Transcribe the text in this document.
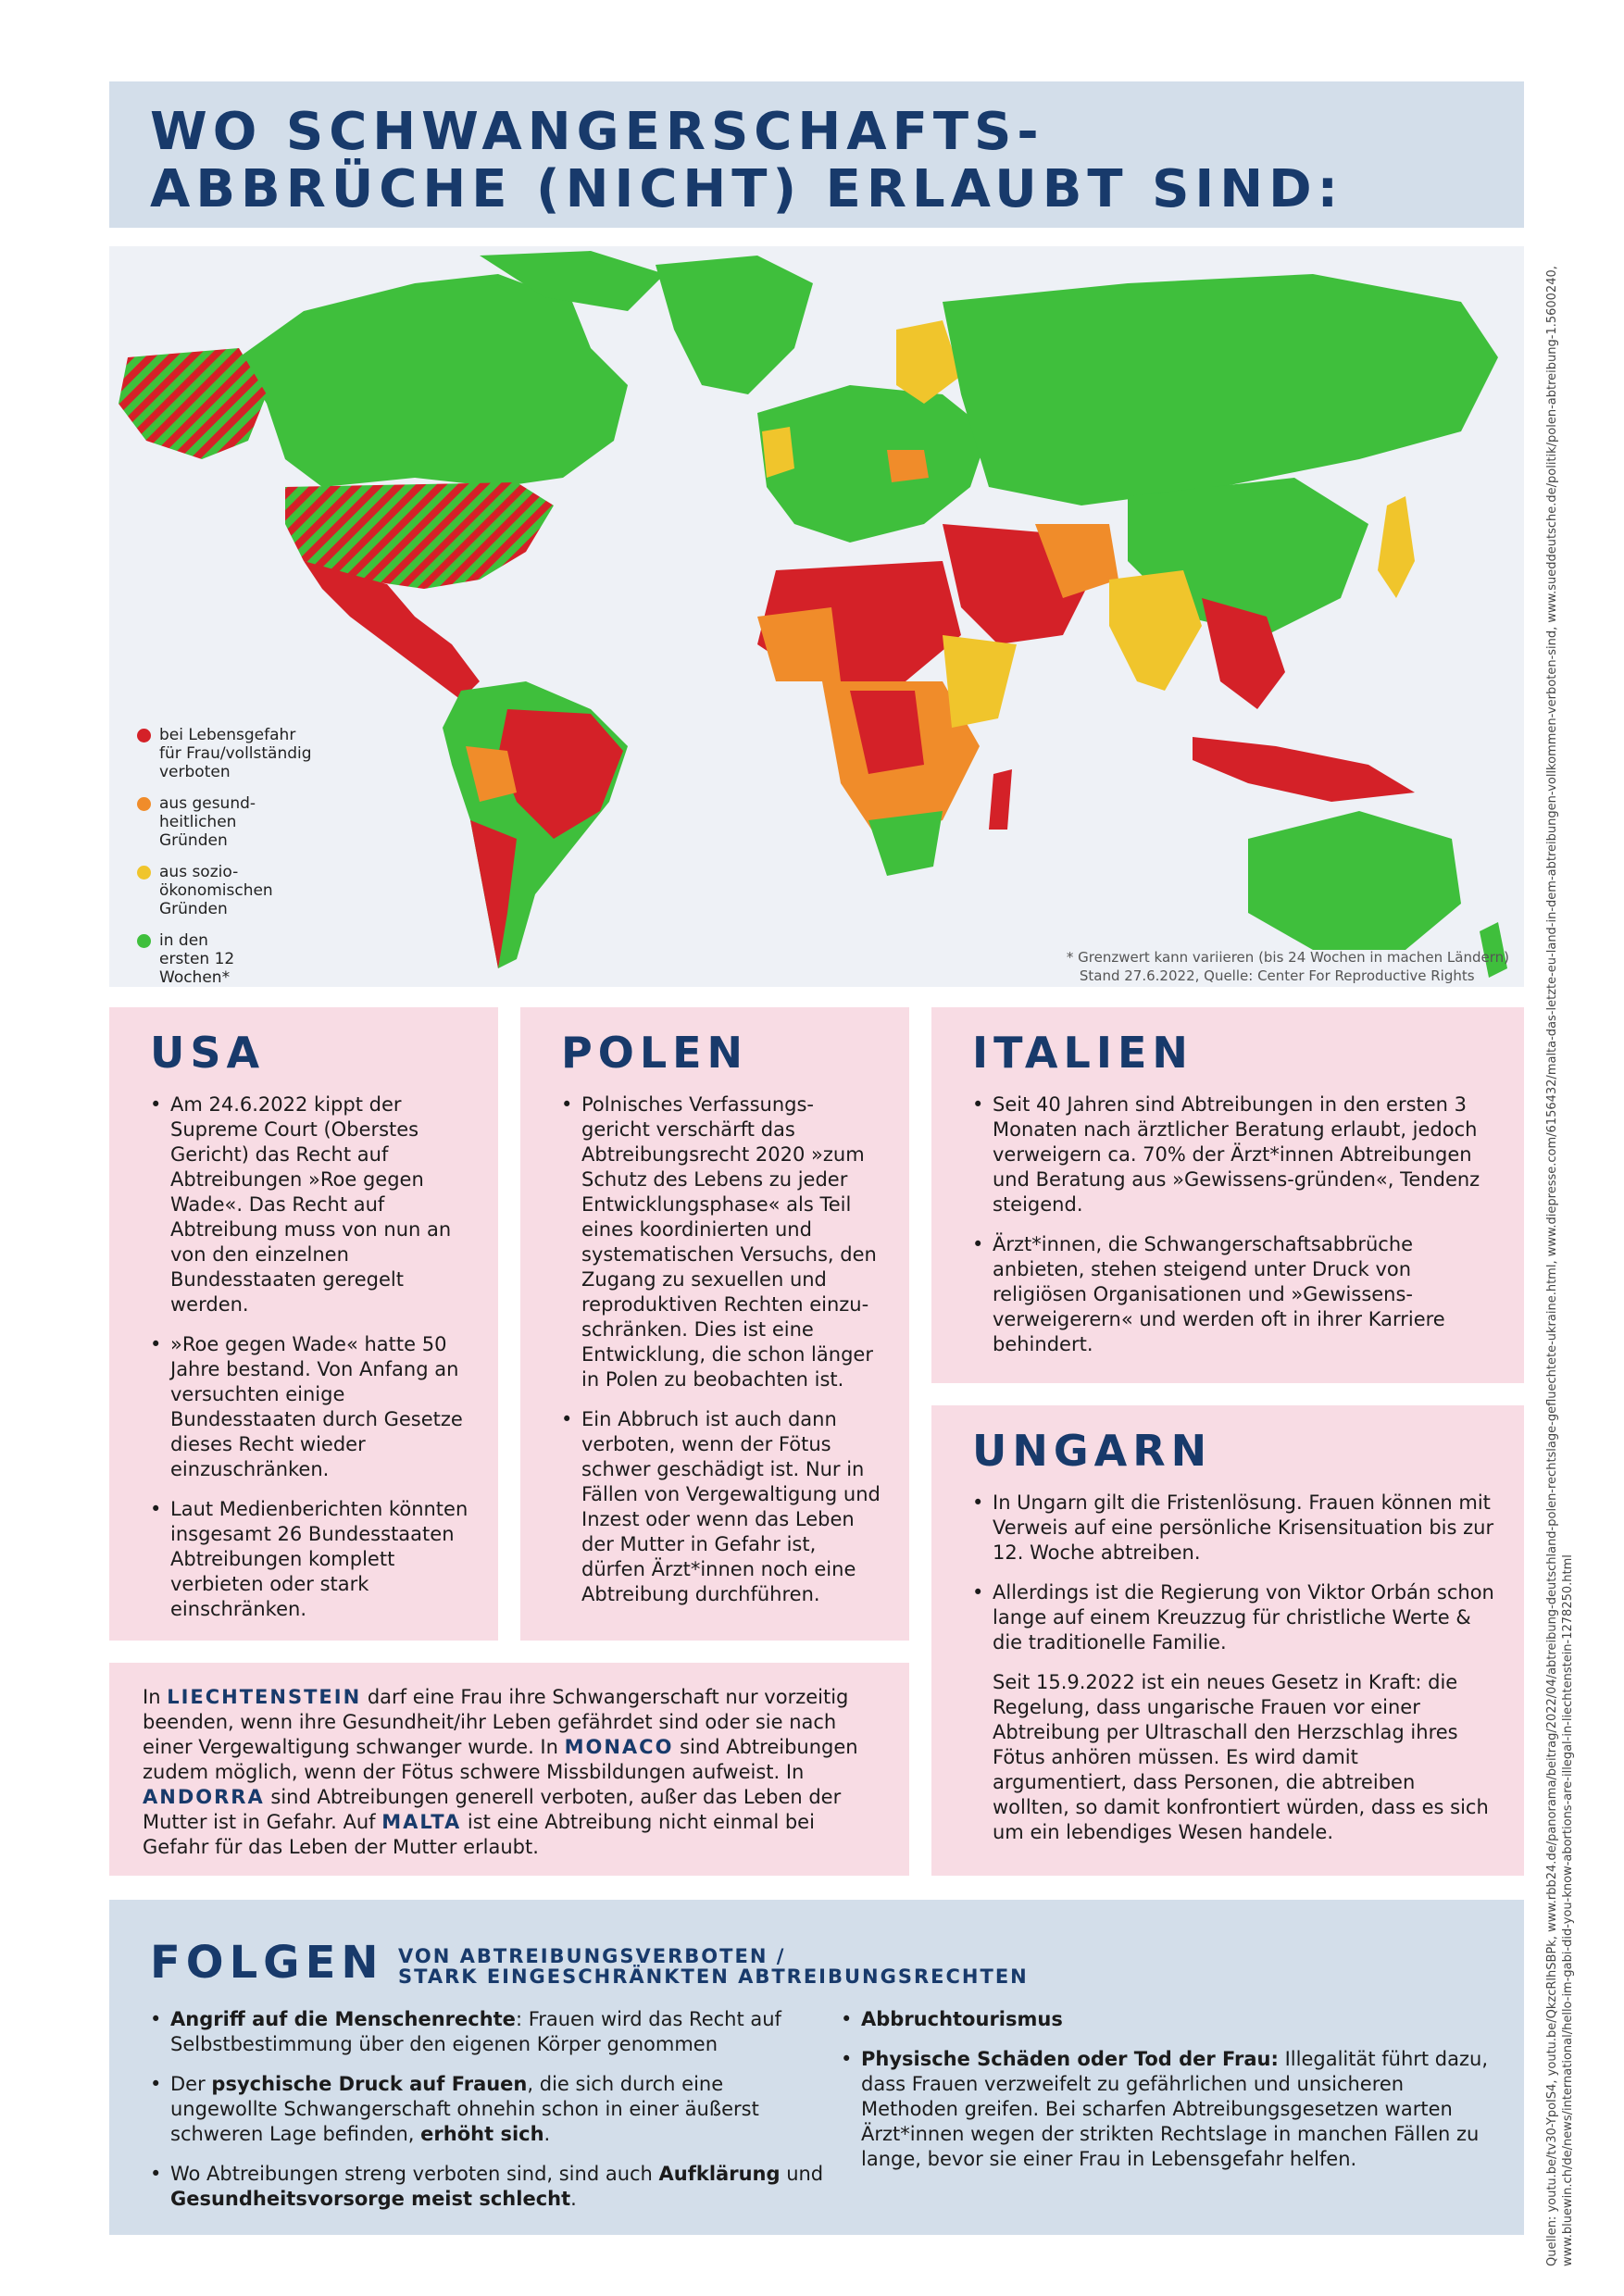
WO SCHWANGERSCHAFTS-
ABBRÜCHE (NICHT) ERLAUBT SIND:
bei Lebensgefahr
für Frau/vollständig
verboten
aus gesund-
heitlichen
Gründen
aus sozio-
ökonomischen
Gründen
in den
ersten 12
Wochen*
* Grenzwert kann variieren (bis 24 Wochen in machen Ländern)
Stand 27.6.2022, Quelle: Center For Reproductive Rights
USA
• Am 24.6.2022 kippt der Supreme Court (Oberstes Gericht) das Recht auf Abtreibungen »Roe gegen Wade«. Das Recht auf Abtreibung muss von nun an von den einzelnen Bundesstaaten geregelt werden.
• »Roe gegen Wade« hatte 50 Jahre bestand. Von Anfang an versuchten einige Bundesstaaten durch Gesetze dieses Recht wieder einzuschränken.
• Laut Medienberichten könnten insgesamt 26 Bundesstaaten Abtreibungen komplett verbieten oder stark einschränken.
POLEN
• Polnisches Verfassungs-gericht verschärft das Abtreibungsrecht 2020 »zum Schutz des Lebens zu jeder Entwicklungsphase« als Teil eines koordinierten und systematischen Versuchs, den Zugang zu sexuellen und reproduktiven Rechten einzu-schränken. Dies ist eine Entwicklung, die schon länger in Polen zu beobachten ist.
• Ein Abbruch ist auch dann verboten, wenn der Fötus schwer geschädigt ist. Nur in Fällen von Vergewaltigung und Inzest oder wenn das Leben der Mutter in Gefahr ist, dürfen Ärzt*innen noch eine Abtreibung durchführen.
ITALIEN
• Seit 40 Jahren sind Abtreibungen in den ersten 3 Monaten nach ärztlicher Beratung erlaubt, jedoch verweigern ca. 70% der Ärzt*innen Abtreibungen und Beratung aus »Gewissens-gründen«, Tendenz steigend.
• Ärzt*innen, die Schwangerschaftsabbrüche anbieten, stehen steigend unter Druck von religiösen Organisationen und »Gewissens-verweigerern« und werden oft in ihrer Karriere behindert.
UNGARN
• In Ungarn gilt die Fristenlösung. Frauen können mit Verweis auf eine persönliche Krisensituation bis zur 12. Woche abtreiben.
• Allerdings ist die Regierung von Viktor Orbán schon lange auf einem Kreuzzug für christliche Werte & die traditionelle Familie.

Seit 15.9.2022 ist ein neues Gesetz in Kraft: die Regelung, dass ungarische Frauen vor einer Abtreibung per Ultraschall den Herzschlag ihres Fötus anhören müssen. Es wird damit argumentiert, dass Personen, die abtreiben wollten, so damit konfrontiert würden, dass es sich um ein lebendiges Wesen handele.

In LIECHTENSTEIN darf eine Frau ihre Schwangerschaft nur vorzeitig beenden, wenn ihre Gesundheit/ihr Leben gefährdet sind oder sie nach einer Vergewaltigung schwanger wurde. In MONACO sind Abtreibungen zudem möglich, wenn der Fötus schwere Missbildungen aufweist. In ANDORRA sind Abtreibungen generell verboten, außer das Leben der Mutter ist in Gefahr. Auf MALTA ist eine Abtreibung nicht einmal bei Gefahr für das Leben der Mutter erlaubt.
FOLGEN VON ABTREIBUNGSVERBOTEN /
STARK EINGESCHRÄNKTEN ABTREIBUNGSRECHTEN
• Angriff auf die Menschenrechte: Frauen wird das Recht auf Selbstbestimmung über den eigenen Körper genommen
• Der psychische Druck auf Frauen, die sich durch eine ungewollte Schwangerschaft ohnehin schon in einer äußerst schweren Lage befinden, erhöht sich.
• Wo Abtreibungen streng verboten sind, sind auch Aufklärung und Gesundheitsvorsorge meist schlecht.
• Abbruchtourismus
• Physische Schäden oder Tod der Frau: Illegalität führt dazu, dass Frauen verzweifelt zu gefährlichen und unsicheren Methoden greifen. Bei scharfen Abtreibungsgesetzen warten Ärzt*innen wegen der strikten Rechtslage in manchen Fällen zu lange, bevor sie einer Frau in Lebensgefahr helfen.	Quellen: youtu.be/tv30-YpoIS4, youtu.be/QkzcRlhSBPk, www.rbb24.de/panorama/beitrag/2022/04/abtreibung-deutschland-polen-rechtslage-gefluechtete-ukraine.html, www.diepresse.com/6156432/malta-das-letzte-eu-land-in-dem-abtreibungen-vollkommen-verboten-sind, www.sueddeutsche.de/politik/polen-abtreibung-1.5600240, www.bluewin.ch/de/news/international/hello-im-gabi-did-you-know-abortions-are-illegal-in-liechtenstein-1278250.html
